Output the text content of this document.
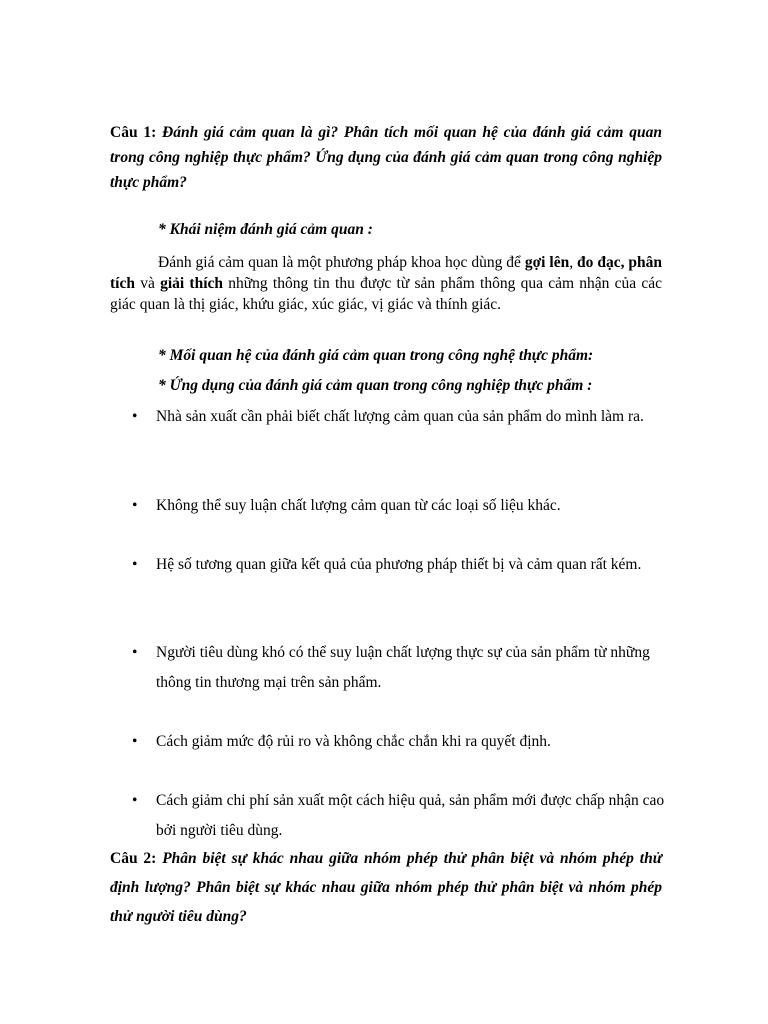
Câu 1: Đánh giá cảm quan là gì? Phân tích mối quan hệ của đánh giá cảm quan trong công nghiệp thực phẩm? Ứng dụng của đánh giá cảm quan trong công nghiệp thực phẩm?

* Khái niệm đánh giá cảm quan :

Đánh giá cảm quan là một phương pháp khoa học dùng để gợi lên, đo đạc, phân tích và giải thích những thông tin thu được từ sản phẩm thông qua cảm nhận của các giác quan là thị giác, khứu giác, xúc giác, vị giác và thính giác.

* Mối quan hệ của đánh giá cảm quan trong công nghệ thực phẩm:
* Ứng dụng của đánh giá cảm quan trong công nghiệp thực phẩm :
• Nhà sản xuất cần phải biết chất lượng cảm quan của sản phẩm do mình làm ra.
• Không thể suy luận chất lượng cảm quan từ các loại số liệu khác.
• Hệ số tương quan giữa kết quả của phương pháp thiết bị và cảm quan rất kém.
• Người tiêu dùng khó có thể suy luận chất lượng thực sự của sản phẩm từ những thông tin thương mại trên sản phẩm.
• Cách giảm mức độ rủi ro và không chắc chắn khi ra quyết định.
• Cách giảm chi phí sản xuất một cách hiệu quả, sản phẩm mới được chấp nhận cao bởi người tiêu dùng.

Câu 2: Phân biệt sự khác nhau giữa nhóm phép thử phân biệt và nhóm phép thử định lượng? Phân biệt sự khác nhau giữa nhóm phép thử phân biệt và nhóm phép thử người tiêu dùng?
